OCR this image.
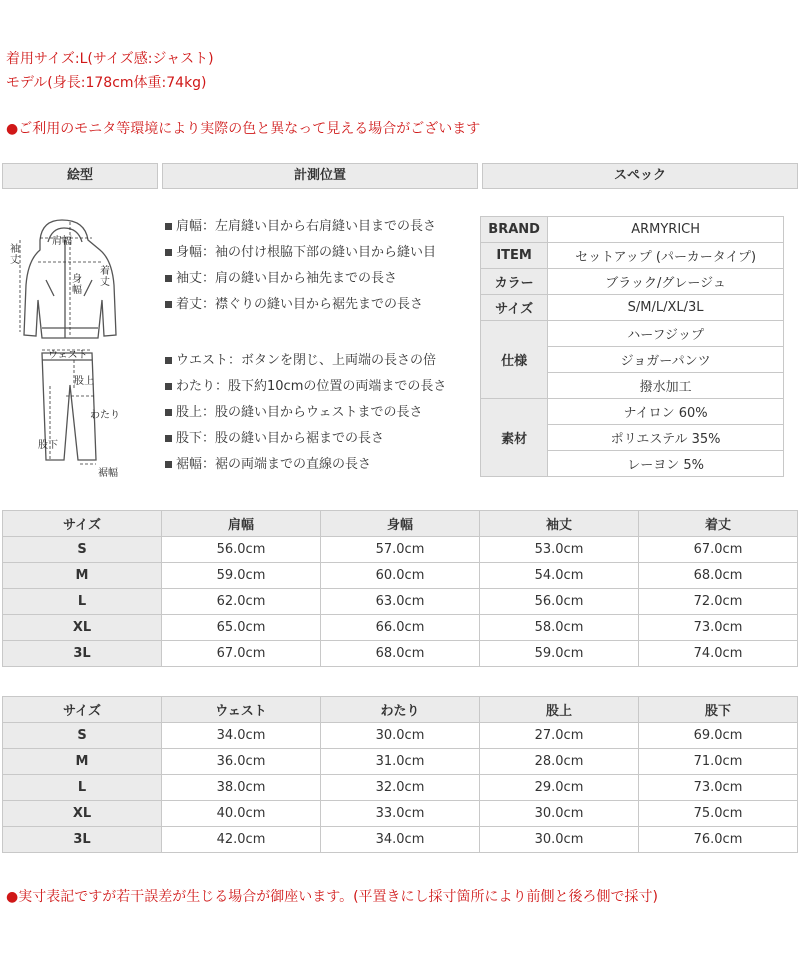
着用サイズ:L(サイズ感:ジャスト)
モデル(身長:178cm体重:74kg)
●ご利用のモニタ等環境により実際の色と異なって見える場合がございます
絵型	計測位置	スペック
肩幅
袖丈
着丈
身幅
ウェスト
股上
わたり
股下
裾幅
肩幅：左肩縫い目から右肩縫い目までの長さ
身幅：袖の付け根脇下部の縫い目から縫い目
袖丈：肩の縫い目から袖先までの長さ
着丈：襟ぐりの縫い目から裾先までの長さ
ウエスト：ボタンを閉じ、上両端の長さの倍
わたり：股下約10cmの位置の両端までの長さ
股上：股の縫い目からウェストまでの長さ
股下：股の縫い目から裾までの長さ
裾幅：裾の両端までの直線の長さ
BRAND	ARMYRICH
ITEM	セットアップ (パーカータイプ)
カラー	ブラック/グレージュ
サイズ	S/M/L/XL/3L
仕様	ハーフジップ
	ジョガーパンツ
	撥水加工
素材	ナイロン 60%
	ポリエステル 35%
	レーヨン 5%
サイズ	肩幅	身幅	袖丈	着丈
S	56.0cm	57.0cm	53.0cm	67.0cm
M	59.0cm	60.0cm	54.0cm	68.0cm
L	62.0cm	63.0cm	56.0cm	72.0cm
XL	65.0cm	66.0cm	58.0cm	73.0cm
3L	67.0cm	68.0cm	59.0cm	74.0cm
サイズ	ウェスト	わたり	股上	股下
S	34.0cm	30.0cm	27.0cm	69.0cm
M	36.0cm	31.0cm	28.0cm	71.0cm
L	38.0cm	32.0cm	29.0cm	73.0cm
XL	40.0cm	33.0cm	30.0cm	75.0cm
3L	42.0cm	34.0cm	30.0cm	76.0cm
●実寸表記ですが若干誤差が生じる場合が御座います。(平置きにし採寸箇所により前側と後ろ側で採寸)
